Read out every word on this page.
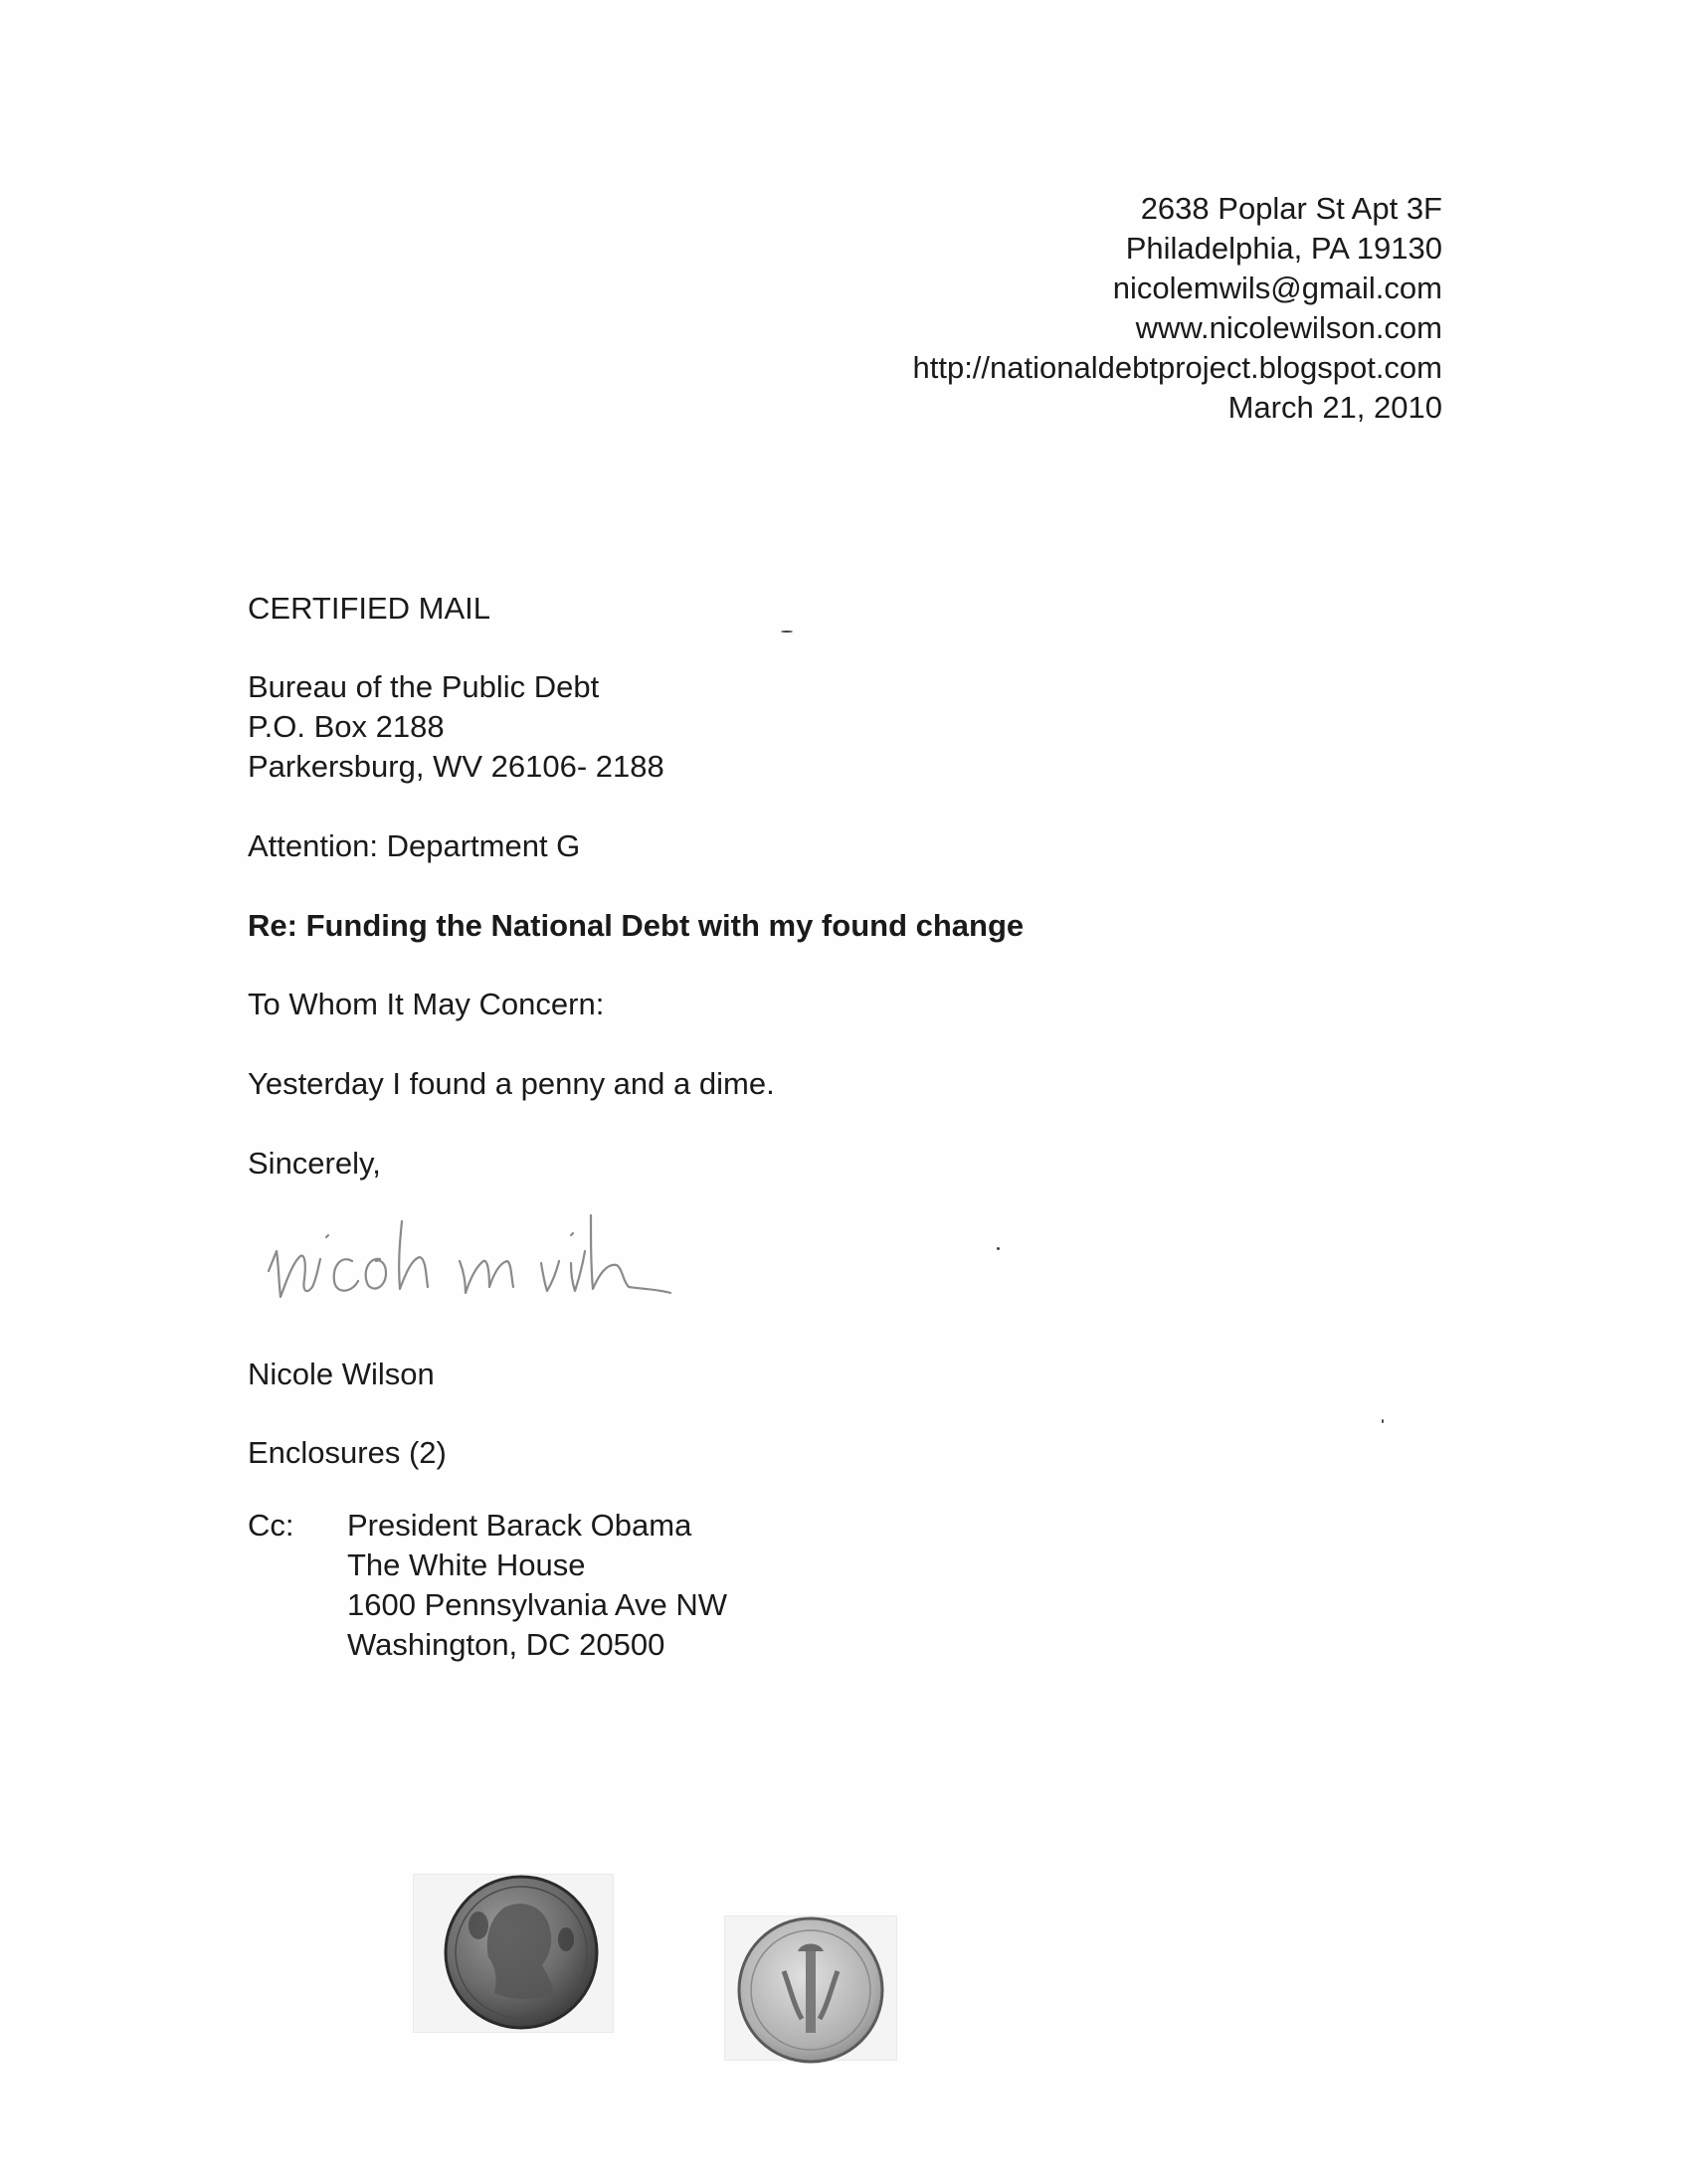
2638 Poplar St Apt 3F
Philadelphia, PA 19130
nicolemwils@gmail.com
www.nicolewilson.com
http://nationaldebtproject.blogspot.com
March 21, 2010
CERTIFIED MAIL
Bureau of the Public Debt
P.O. Box 2188
Parkersburg, WV 26106- 2188
Attention: Department G
Re: Funding the National Debt with my found change
To Whom It May Concern:
Yesterday I found a penny and a dime.
Sincerely,
Nicole Wilson
Enclosures (2)
Cc: President Barack Obama
The White House
1600 Pennsylvania Ave NW
Washington, DC 20500
